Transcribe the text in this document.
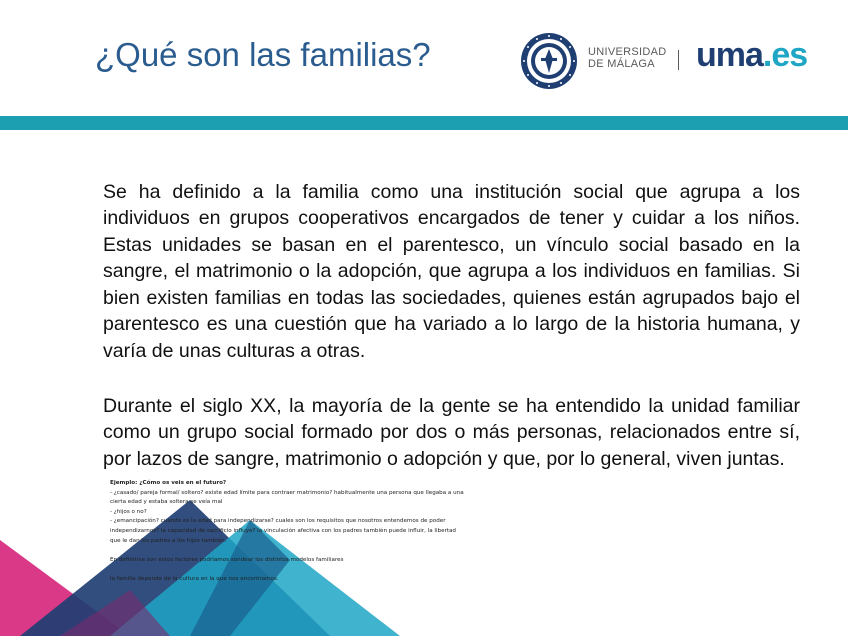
¿Qué son las familias?	UNIVERSIDAD
DE MÁLAGA	uma.es

Se ha definido a la familia como una institución social que agrupa a los individuos en grupos cooperativos encargados de tener y cuidar a los niños. Estas unidades se basan en el parentesco, un vínculo social basado en la sangre, el matrimonio o la adopción, que agrupa a los individuos en familias. Si bien existen familias en todas las sociedades, quienes están agrupados bajo el parentesco es una cuestión que ha variado a lo largo de la historia humana, y varía de unas culturas a otras.

Durante el siglo XX, la mayoría de la gente se ha entendido la unidad familiar como un grupo social formado por dos o más personas, relacionados entre sí, por lazos de sangre, matrimonio o adopción y que, por lo general, viven juntas.

Ejemplo: ¿Cómo os veis en el futuro?
- ¿casado/ pareja formal/ soltero? existe edad límite para contraer matrimonio? habitualmente una persona que llegaba a una
cierta edad y estaba soltera se veía mal
- ¿hijos o no?
- ¿emancipación? cuando es la edad para independizarse? cuales son los requisitos que nosotros entendemos de poder
independizarnos? la capacidad de sacrificio influye? la vinculación afectiva con los padres también puede influir, la libertad
que le dan los padres a los hijos también.
En definitiva son estos factores podríamos sondear los distintos modelos familiares
la familia depende de la cultura en la que nos encontramos.
